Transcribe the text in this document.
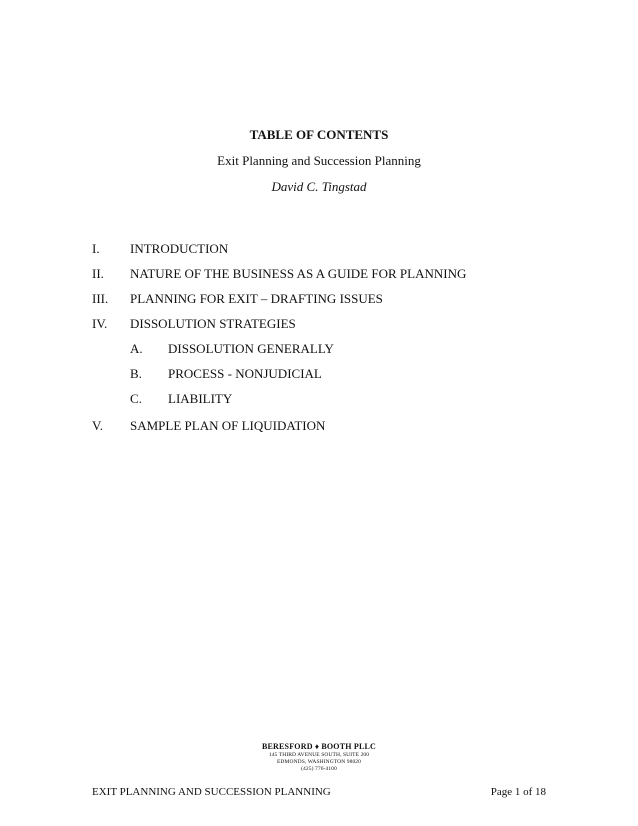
TABLE OF CONTENTS
Exit Planning and Succession Planning
David C. Tingstad
I. INTRODUCTION
II. NATURE OF THE BUSINESS AS A GUIDE FOR PLANNING
III. PLANNING FOR EXIT – DRAFTING ISSUES
IV. DISSOLUTION STRATEGIES
A. DISSOLUTION GENERALLY
B. PROCESS - NONJUDICIAL
C. LIABILITY
V. SAMPLE PLAN OF LIQUIDATION
BERESFORD ♦ BOOTH PLLC
145 THIRD AVENUE SOUTH, SUITE 200
EDMONDS, WASHINGTON 98020
(425) 776-4100
EXIT PLANNING AND SUCCESSION PLANNING	Page 1 of 18
